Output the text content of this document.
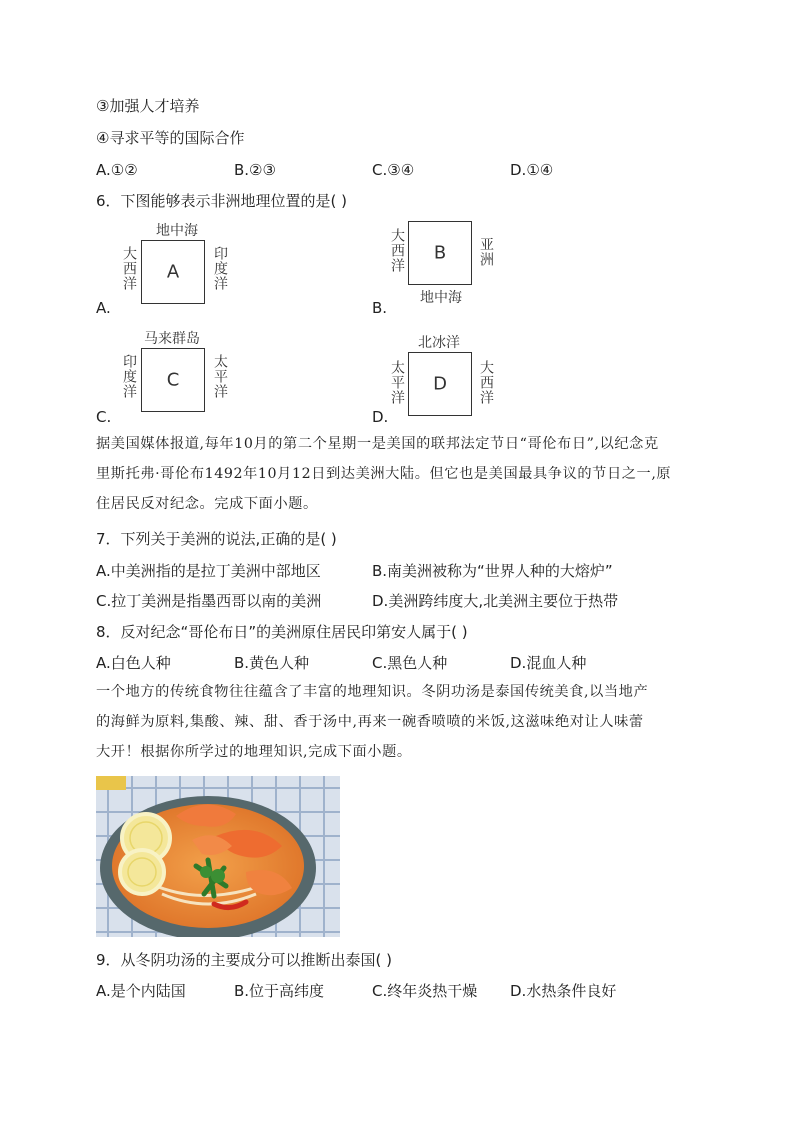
③加强人才培养
④寻求平等的国际合作
A.①②	B.②③	C.③④	D.①④
6．下图能够表示非洲地理位置的是( )
A.
地中海
A
大西洋	印度洋
B.
B
大西洋	亚洲
地中海
C.
马来群岛
C
印度洋	太平洋
D.
北冰洋
D
太平洋	大西洋
据美国媒体报道,每年10月的第二个星期一是美国的联邦法定节日“哥伦布日”,以纪念克
里斯托弗·哥伦布1492年10月12日到达美洲大陆。但它也是美国最具争议的节日之一,原
住居民反对纪念。完成下面小题。
7．下列关于美洲的说法,正确的是( )
A.中美洲指的是拉丁美洲中部地区	B.南美洲被称为“世界人种的大熔炉”
C.拉丁美洲是指墨西哥以南的美洲	D.美洲跨纬度大,北美洲主要位于热带
8．反对纪念“哥伦布日”的美洲原住居民印第安人属于( )
A.白色人种	B.黄色人种	C.黑色人种	D.混血人种
一个地方的传统食物往往蕴含了丰富的地理知识。冬阴功汤是泰国传统美食,以当地产
的海鲜为原料,集酸、辣、甜、香于汤中,再来一碗香喷喷的米饭,这滋味绝对让人味蕾
大开！根据你所学过的地理知识,完成下面小题。
9．从冬阴功汤的主要成分可以推断出泰国( )
A.是个内陆国	B.位于高纬度	C.终年炎热干燥 D.水热条件良好
